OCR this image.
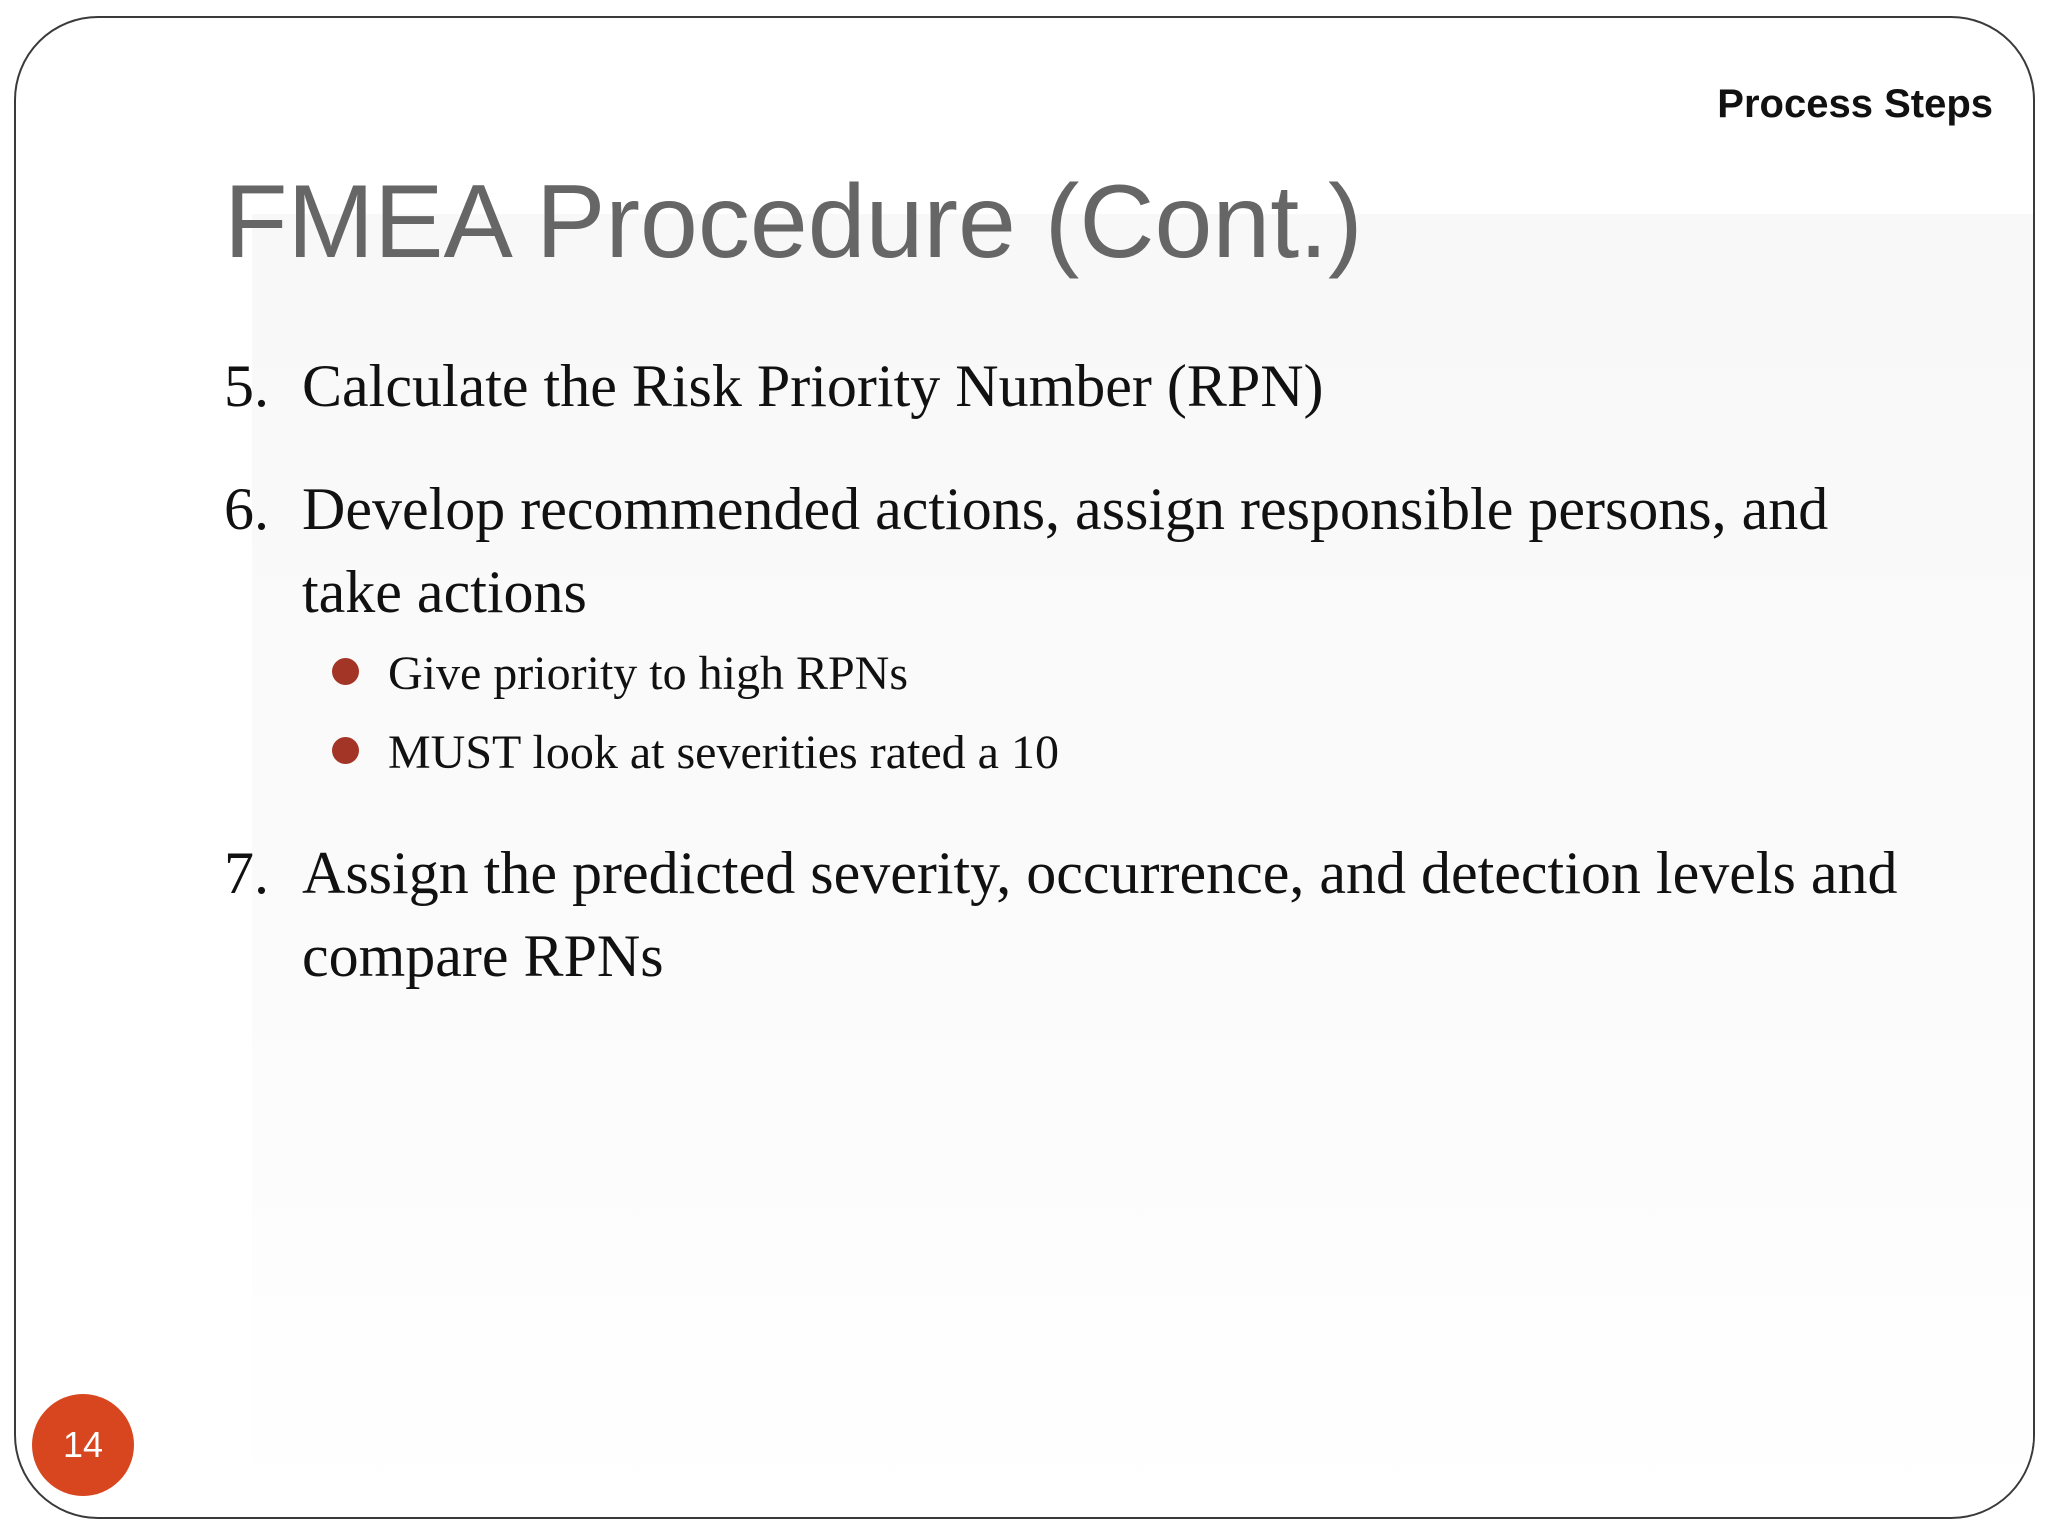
Process Steps
FMEA Procedure (Cont.)
5. Calculate the Risk Priority Number (RPN)
6. Develop recommended actions, assign responsible persons, and take actions
Give priority to high RPNs
MUST look at severities rated a 10
7. Assign the predicted severity, occurrence, and detection levels and compare RPNs
14
